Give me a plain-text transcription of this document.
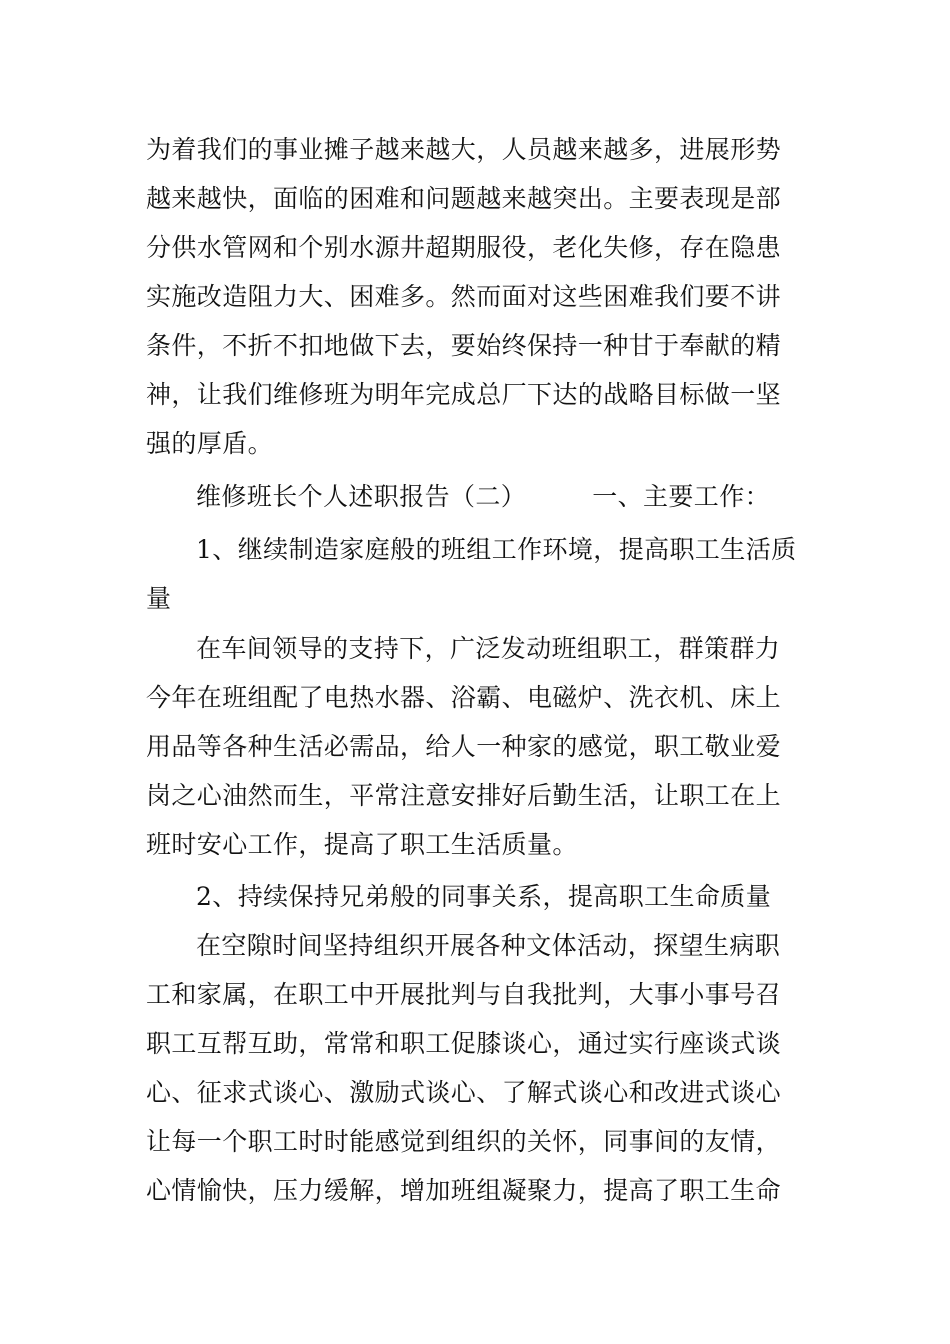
为着我们的事业摊子越来越大，人员越来越多，进展形势
越来越快，面临的困难和问题越来越突出。主要表现是部
分供水管网和个别水源井超期服役，老化失修，存在隐患
实施改造阻力大、困难多。然而面对这些困难我们要不讲
条件，不折不扣地做下去，要始终保持一种甘于奉献的精
神，让我们维修班为明年完成总厂下达的战略目标做一坚
强的厚盾。
维修班长个人述职报告（二）	一、主要工作：
1、继续制造家庭般的班组工作环境，提高职工生活质
量
在车间领导的支持下，广泛发动班组职工，群策群力
今年在班组配了电热水器、浴霸、电磁炉、洗衣机、床上
用品等各种生活必需品，给人一种家的感觉，职工敬业爱
岗之心油然而生，平常注意安排好后勤生活，让职工在上
班时安心工作，提高了职工生活质量。
2、持续保持兄弟般的同事关系，提高职工生命质量
在空隙时间坚持组织开展各种文体活动，探望生病职
工和家属，在职工中开展批判与自我批判，大事小事号召
职工互帮互助，常常和职工促膝谈心，通过实行座谈式谈
心、征求式谈心、激励式谈心、了解式谈心和改进式谈心
让每一个职工时时能感觉到组织的关怀，同事间的友情，
心情愉快，压力缓解，增加班组凝聚力，提高了职工生命
